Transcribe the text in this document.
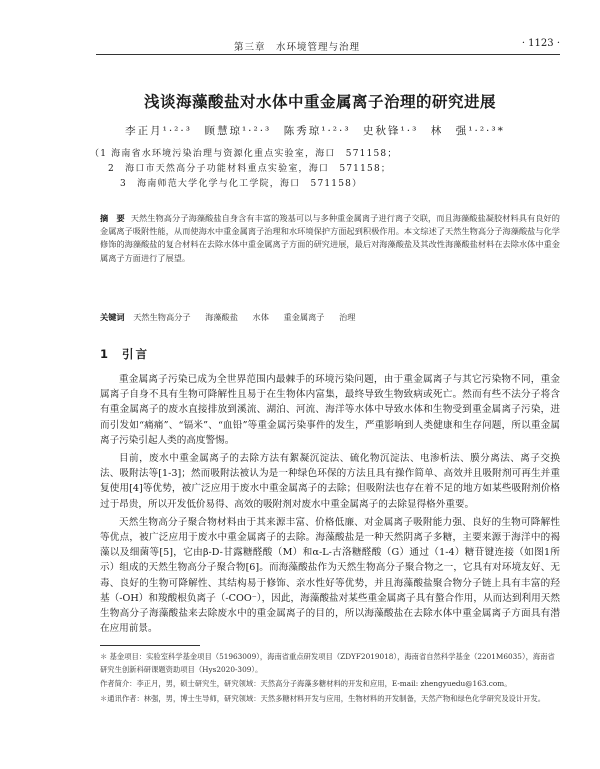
第三章　水环境管理与治理	· 1123 ·
浅谈海藻酸盐对水体中重金属离子治理的研究进展
李正月¹·²·³　顾慧琼¹·²·³　陈秀琼¹·²·³　史秋锋¹·³　林　强¹·²·³*
（1 海南省水环境污染治理与资源化重点实验室，海口　571158；
2　海口市天然高分子功能材料重点实验室，海口　571158；
3　海南师范大学化学与化工学院，海口　571158）
摘　要 天然生物高分子海藻酸盐自身含有丰富的羧基可以与多种重金属离子进行离子交联，而且海藻酸盐凝胶材料具有良好的金属离子吸附性能，从而使海水中重金属离子治理和水环境保护方面起到积极作用。本文综述了天然生物高分子海藻酸盐与化学修饰的海藻酸盐的复合材料在去除水体中重金属离子方面的研究进展，最后对海藻酸盐及其改性海藻酸盐材料在去除水体中重金属离子方面进行了展望。
关键词 天然生物高分子 海藻酸盐 水体 重金属离子 治理
1 引言

重金属离子污染已成为全世界范围内最棘手的环境污染问题，由于重金属离子与其它污染物不同，重金属离子自身不具有生物可降解性且易于在生物体内富集，最终导致生物致病或死亡。然而有些不法分子将含有重金属离子的废水直接排放到溪流、湖泊、河流、海洋等水体中导致水体和生物受到重金属离子污染，进而引发如“痛痛”、“镉米”、“血铅”等重金属污染事件的发生，严重影响到人类健康和生存问题，所以重金属离子污染引起人类的高度警惕。

目前，废水中重金属离子的去除方法有絮凝沉淀法、硫化物沉淀法、电渗析法、膜分离法、离子交换法、吸附法等[1-3]；然而吸附法被认为是一种绿色环保的方法且具有操作简单、高效并且吸附剂可再生并重复使用[4]等优势，被广泛应用于废水中重金属离子的去除；但吸附法也存在着不足的地方如某些吸附剂价格过于昂贵，所以开发低价易得、高效的吸附剂对废水中重金属离子的去除显得格外重要。

天然生物高分子聚合物材料由于其来源丰富、价格低廉、对金属离子吸附能力强、良好的生物可降解性等优点，被广泛应用于废水中重金属离子的去除。海藻酸盐是一种天然阴离子多糖，主要来源于海洋中的褐藻以及细菌等[5]，它由β-D-甘露糖醛酸（M）和α-L-古洛糖醛酸（G）通过（1-4）糖苷键连接（如图1所示）组成的天然生物高分子聚合物[6]。而海藻酸盐作为天然生物高分子聚合物之一，它具有对环境友好、无毒、良好的生物可降解性、其结构易于修饰、亲水性好等优势，并且海藻酸盐聚合物分子链上具有丰富的羟基（-OH）和羧酸根负离子（-COO⁻），因此，海藻酸盐对某些重金属离子具有螯合作用，从而达到利用天然生物高分子海藻酸盐来去除废水中的重金属离子的目的，所以海藻酸盐在去除水体中重金属离子方面具有潜在应用前景。

＊ 基金项目：实验室科学基金项目（51963009），海南省重点研发项目（ZDYF2019018），海南省自然科学基金（2201M6035），海南省研究生创新科研课题资助项目（Hys2020-309）。
作者简介：李正月，男，硕士研究生，研究领域：天然高分子海藻多糖材料的开发和应用，E-mail: zhengyuedu@163.com。
＊通讯作者：林强，男，博士生导师，研究领域：天然多糖材料开发与应用，生物材料的开发制备，天然产物和绿色化学研究及设计开发。
